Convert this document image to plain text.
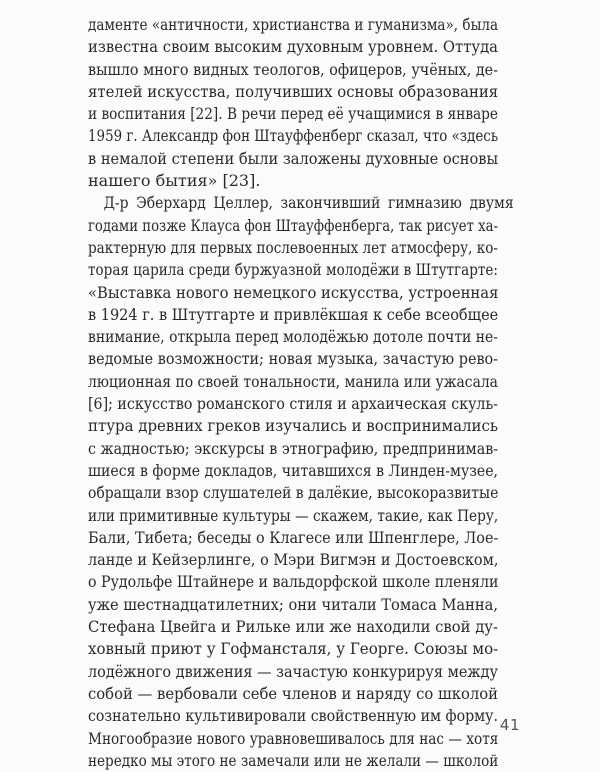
даменте «античности, христианства и гуманизма», была
известна своим высоким духовным уровнем. Оттуда
вышло много видных теологов, офицеров, учёных, де-
ятелей искусства, получивших основы образования
и воспитания [22]. В речи перед её учащимися в январе
1959 г. Александр фон Штауффенберг сказал, что «здесь
в немалой степени были заложены духовные основы
нашего бытия» [23].
Д-р Эберхард Целлер, закончивший гимназию двумя
годами позже Клауса фон Штауффенберга, так рисует ха-
рактерную для первых послевоенных лет атмосферу, ко-
торая царила среди буржуазной молодёжи в Штутгарте:
«Выставка нового немецкого искусства, устроенная
в 1924 г. в Штутгарте и привлёкшая к себе всеобщее
внимание, открыла перед молодёжью дотоле почти не-
ведомые возможности; новая музыка, зачастую рево-
люционная по своей тональности, манила или ужасала
[6]; искусство романского стиля и архаическая скуль-
птура древних греков изучались и воспринимались
с жадностью; экскурсы в этнографию, предпринимав-
шиеся в форме докладов, читавшихся в Линден-музее,
обращали взор слушателей в далёкие, высокоразвитые
или примитивные культуры — скажем, такие, как Перу,
Бали, Тибета; беседы о Клагесе или Шпенглере, Лое-
ланде и Кейзерлинге, о Мэри Вигмэн и Достоевском,
о Рудольфе Штайнере и вальдорфской школе пленяли
уже шестнадцатилетних; они читали Томаса Манна,
Стефана Цвейга и Рильке или же находили свой ду-
ховный приют у Гофмансталя, у Георге. Союзы мо-
лодёжного движения — зачастую конкурируя между
собой — вербовали себе членов и наряду со школой
сознательно культивировали свойственную им форму.
Многообразие нового уравновешивалось для нас — хотя
нередко мы этого не замечали или не желали — школой
41
